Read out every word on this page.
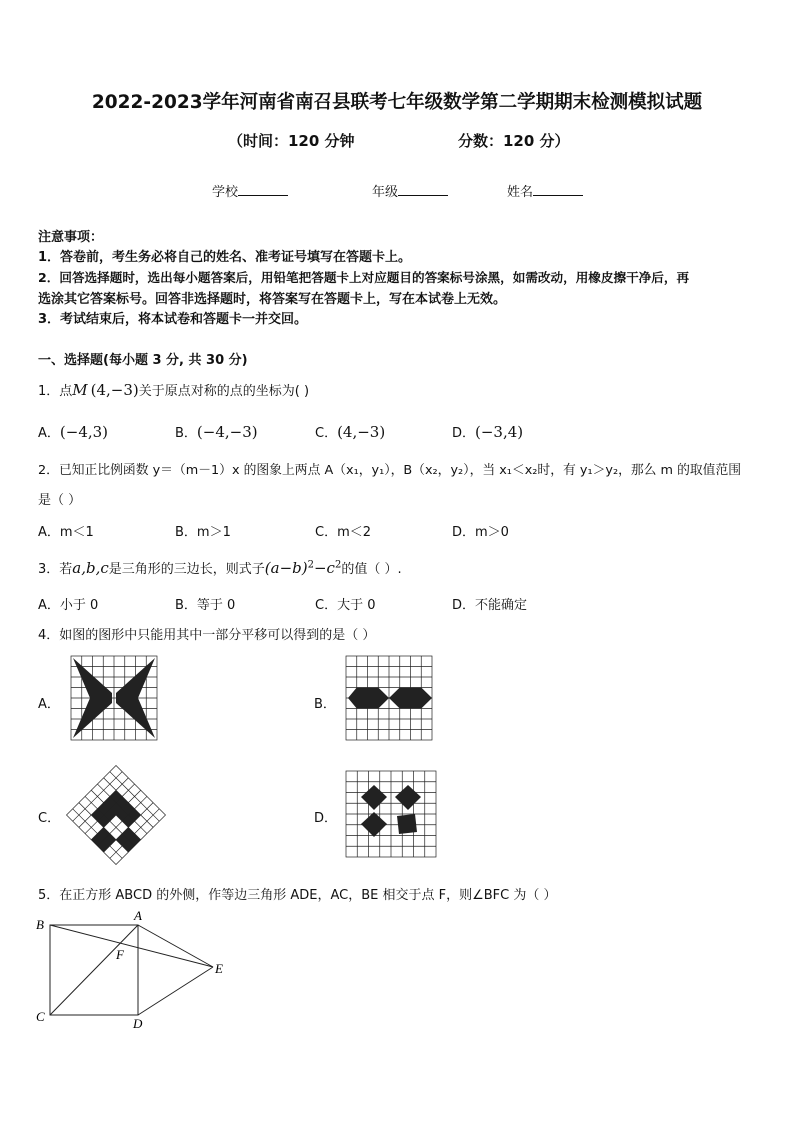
2022-2023学年河南省南召县联考七年级数学第二学期期末检测模拟试题
（时间：120 分钟	分数：120 分）
学校	年级	姓名
注意事项：
1．答卷前，考生务必将自己的姓名、准考证号填写在答题卡上。
2．回答选择题时，选出每小题答案后，用铅笔把答题卡上对应题目的答案标号涂黑，如需改动，用橡皮擦干净后，再
选涂其它答案标号。回答非选择题时，将答案写在答题卡上，写在本试卷上无效。
3．考试结束后，将本试卷和答题卡一并交回。
一、选择题(每小题 3 分, 共 30 分)
1．点M (4,−3)关于原点对称的点的坐标为( )
A．(−4,3)	B．(−4,−3)	C．(4,−3)	D．(−3,4)
2．已知正比例函数 y＝（m－1）x 的图象上两点 A（x₁，y₁），B（x₂，y₂），当 x₁＜x₂时，有 y₁＞y₂，那么 m 的取值范围
是（ ）
A．m＜1	B．m＞1	C．m＜2	D．m＞0
3．若a,b,c是三角形的三边长，则式子$(a-b)^2-c^2$的值（ ）.
A．小于 0	B．等于 0	C．大于 0	D．不能确定
4．如图的图形中只能用其中一部分平移可以得到的是（ ）
A．	B．
C．	D．
5．在正方形 ABCD 的外侧，作等边三角形 ADE，AC，BE 相交于点 F，则∠BFC 为（ ）
B
A
C	D
E
F
